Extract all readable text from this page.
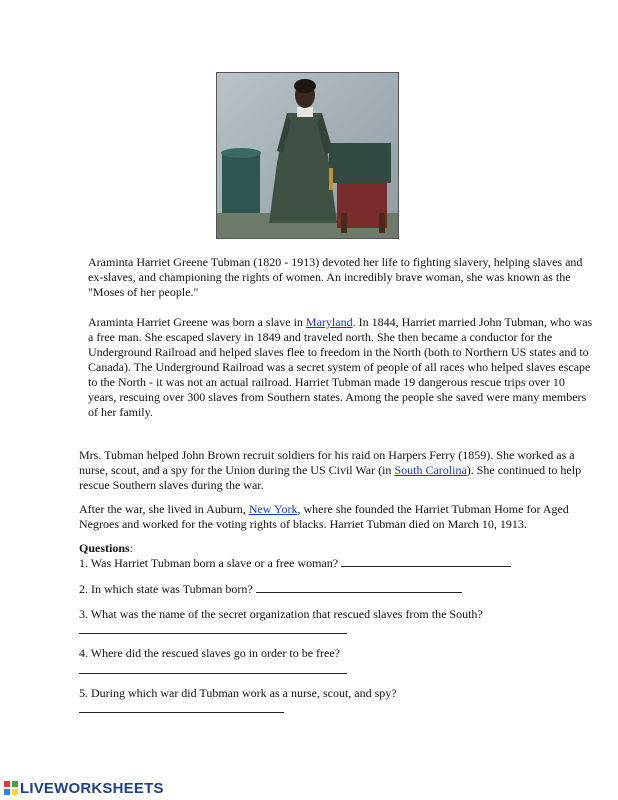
Araminta Harriet Greene Tubman (1820 - 1913) devoted her life to fighting slavery, helping slaves and ex-slaves, and championing the rights of women. An incredibly brave woman, she was known as the "Moses of her people."

Araminta Harriet Greene was born a slave in Maryland. In 1844, Harriet married John Tubman, who was a free man. She escaped slavery in 1849 and traveled north. She then became a conductor for the Underground Railroad and helped slaves flee to freedom in the North (both to Northern US states and to Canada). The Underground Railroad was a secret system of people of all races who helped slaves escape to the North - it was not an actual railroad. Harriet Tubman made 19 dangerous rescue trips over 10 years, rescuing over 300 slaves from Southern states. Among the people she saved were many members of her family.

Mrs. Tubman helped John Brown recruit soldiers for his raid on Harpers Ferry (1859). She worked as a nurse, scout, and a spy for the Union during the US Civil War (in South Carolina). She continued to help rescue Southern slaves during the war.

After the war, she lived in Auburn, New York, where she founded the Harriet Tubman Home for Aged Negroes and worked for the voting rights of blacks. Harriet Tubman died on March 10, 1913.

Questions:
1. Was Harriet Tubman born a slave or a free woman?
2. In which state was Tubman born?
3. What was the name of the secret organization that rescued slaves from the South?
4. Where did the rescued slaves go in order to be free?
5. During which war did Tubman work as a nurse, scout, and spy?
LIVEWORKSHEETS
